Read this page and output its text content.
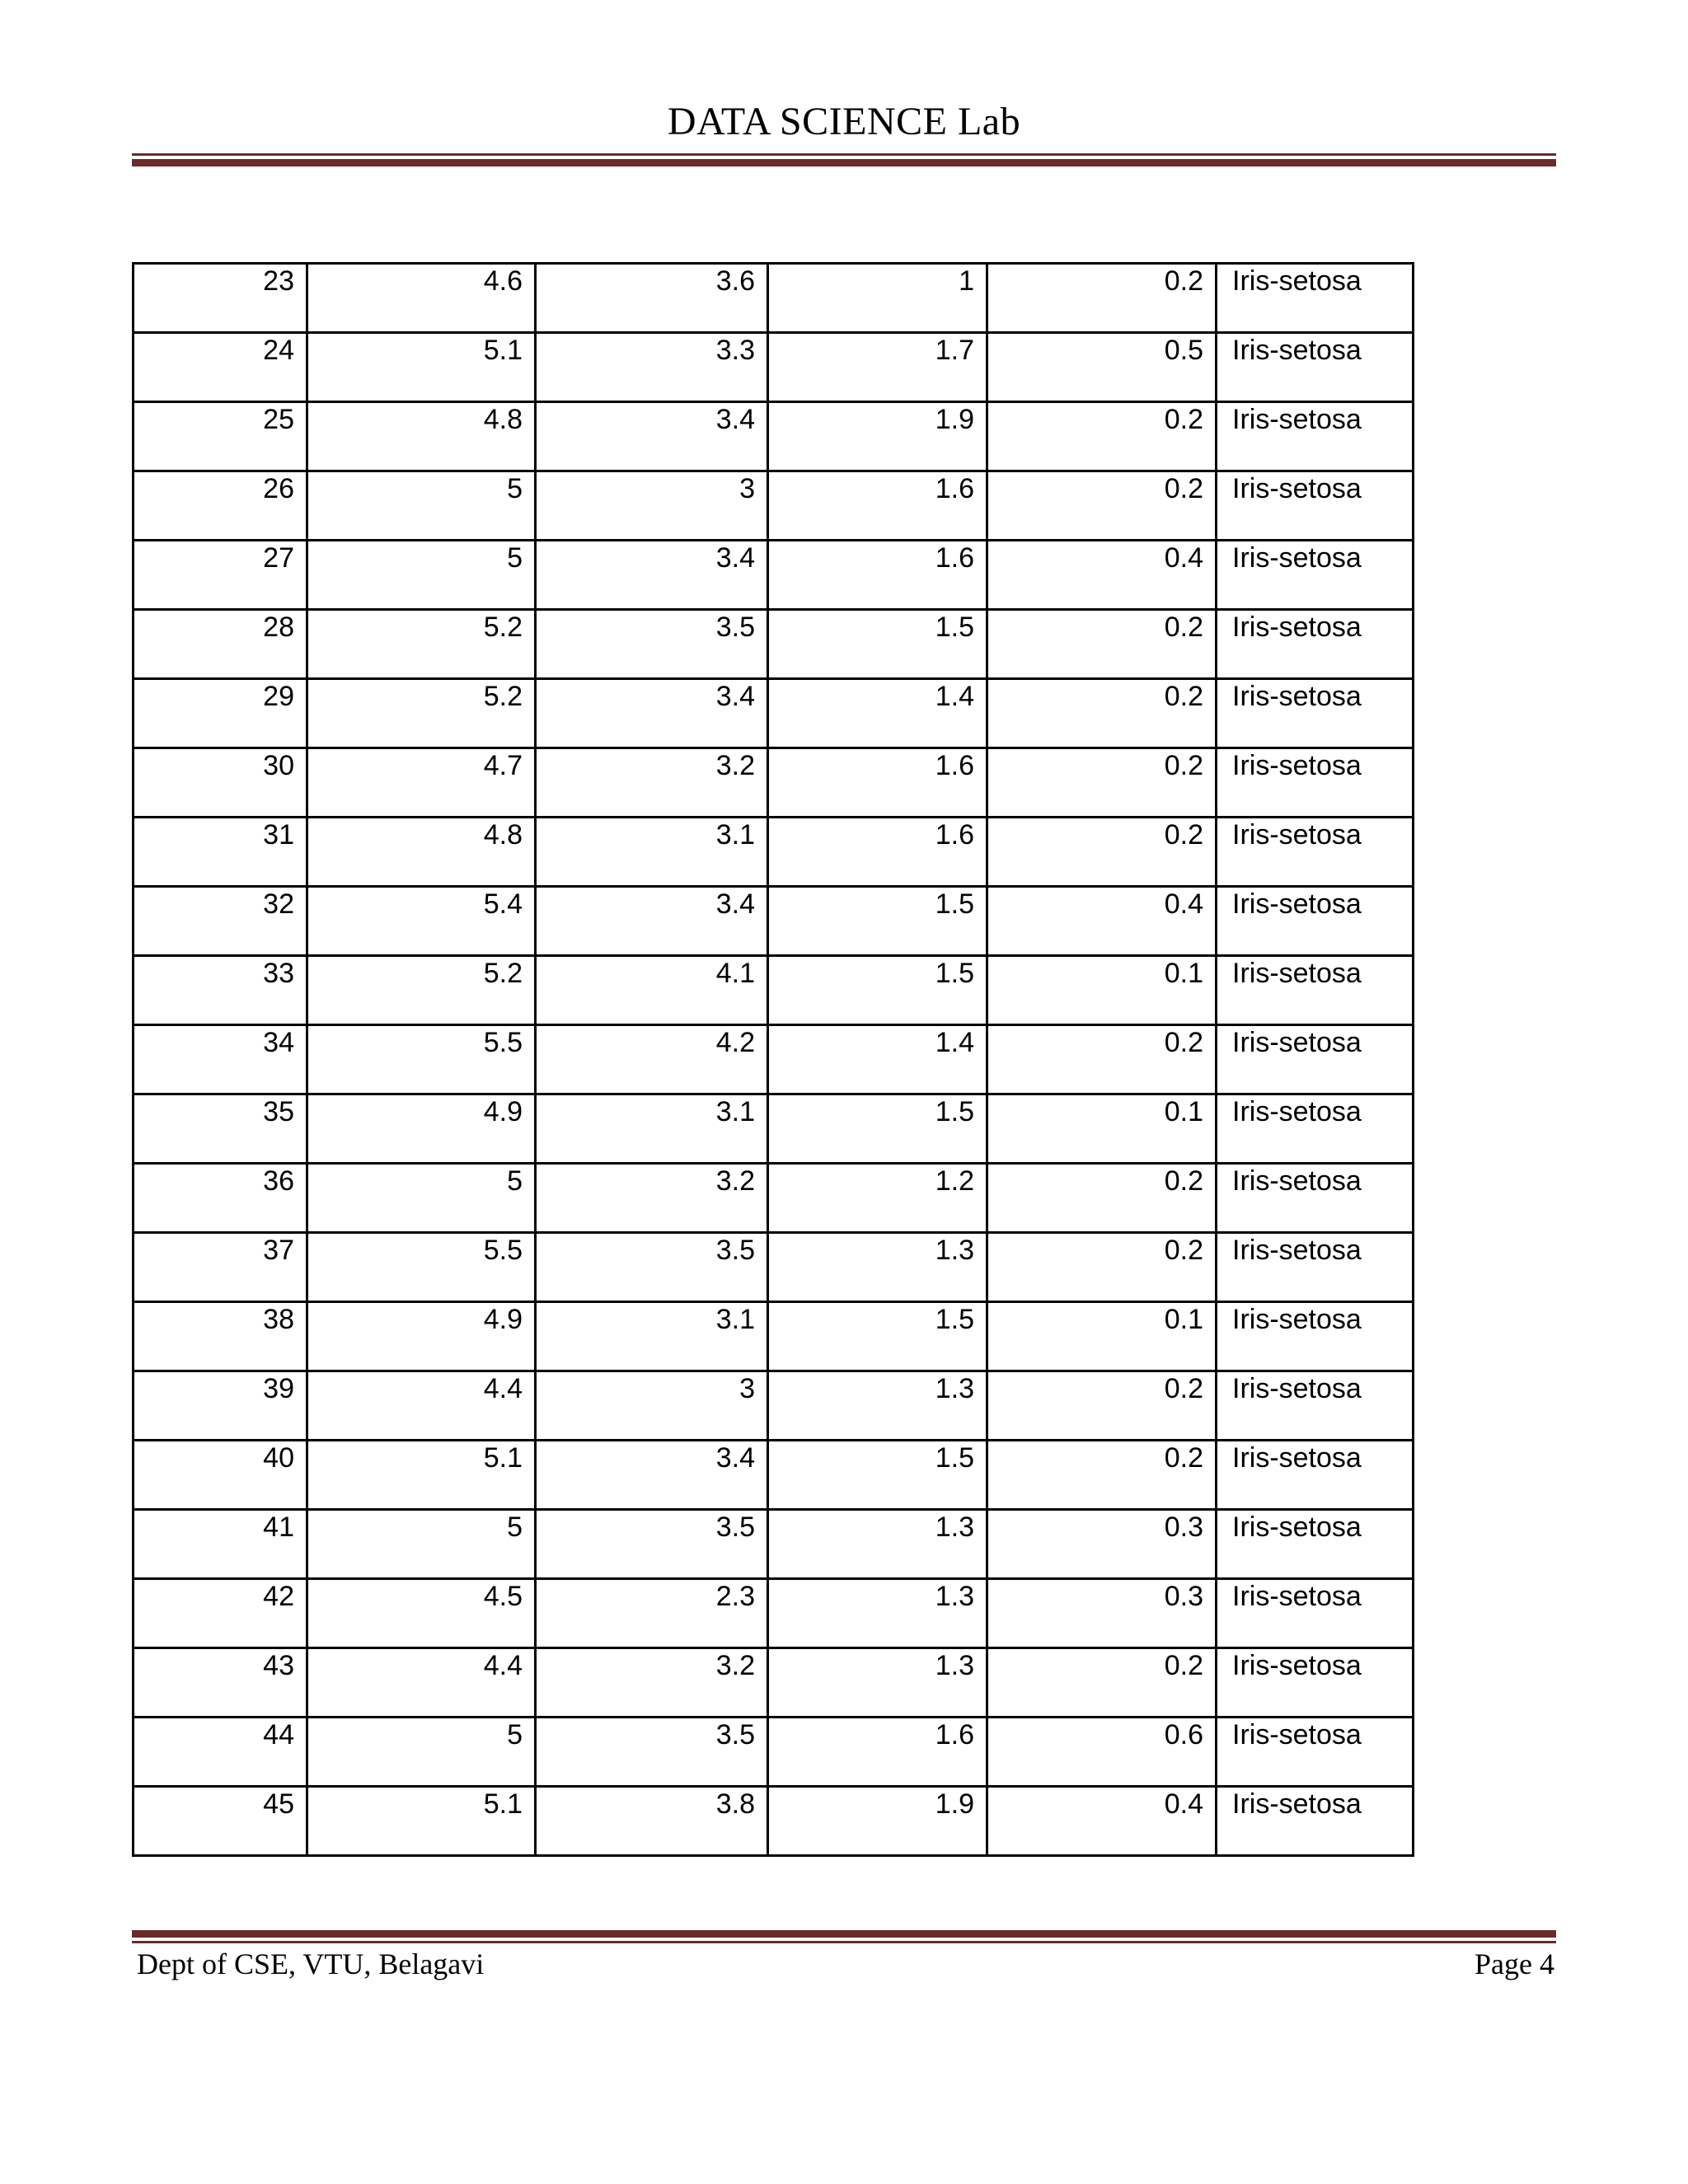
DATA SCIENCE Lab
23	4.6	3.6	1	0.2	Iris-setosa
24	5.1	3.3	1.7	0.5	Iris-setosa
25	4.8	3.4	1.9	0.2	Iris-setosa
26	5	3	1.6	0.2	Iris-setosa
27	5	3.4	1.6	0.4	Iris-setosa
28	5.2	3.5	1.5	0.2	Iris-setosa
29	5.2	3.4	1.4	0.2	Iris-setosa
30	4.7	3.2	1.6	0.2	Iris-setosa
31	4.8	3.1	1.6	0.2	Iris-setosa
32	5.4	3.4	1.5	0.4	Iris-setosa
33	5.2	4.1	1.5	0.1	Iris-setosa
34	5.5	4.2	1.4	0.2	Iris-setosa
35	4.9	3.1	1.5	0.1	Iris-setosa
36	5	3.2	1.2	0.2	Iris-setosa
37	5.5	3.5	1.3	0.2	Iris-setosa
38	4.9	3.1	1.5	0.1	Iris-setosa
39	4.4	3	1.3	0.2	Iris-setosa
40	5.1	3.4	1.5	0.2	Iris-setosa
41	5	3.5	1.3	0.3	Iris-setosa
42	4.5	2.3	1.3	0.3	Iris-setosa
43	4.4	3.2	1.3	0.2	Iris-setosa
44	5	3.5	1.6	0.6	Iris-setosa
45	5.1	3.8	1.9	0.4	Iris-setosa
Dept of CSE, VTU, Belagavi	Page 4
